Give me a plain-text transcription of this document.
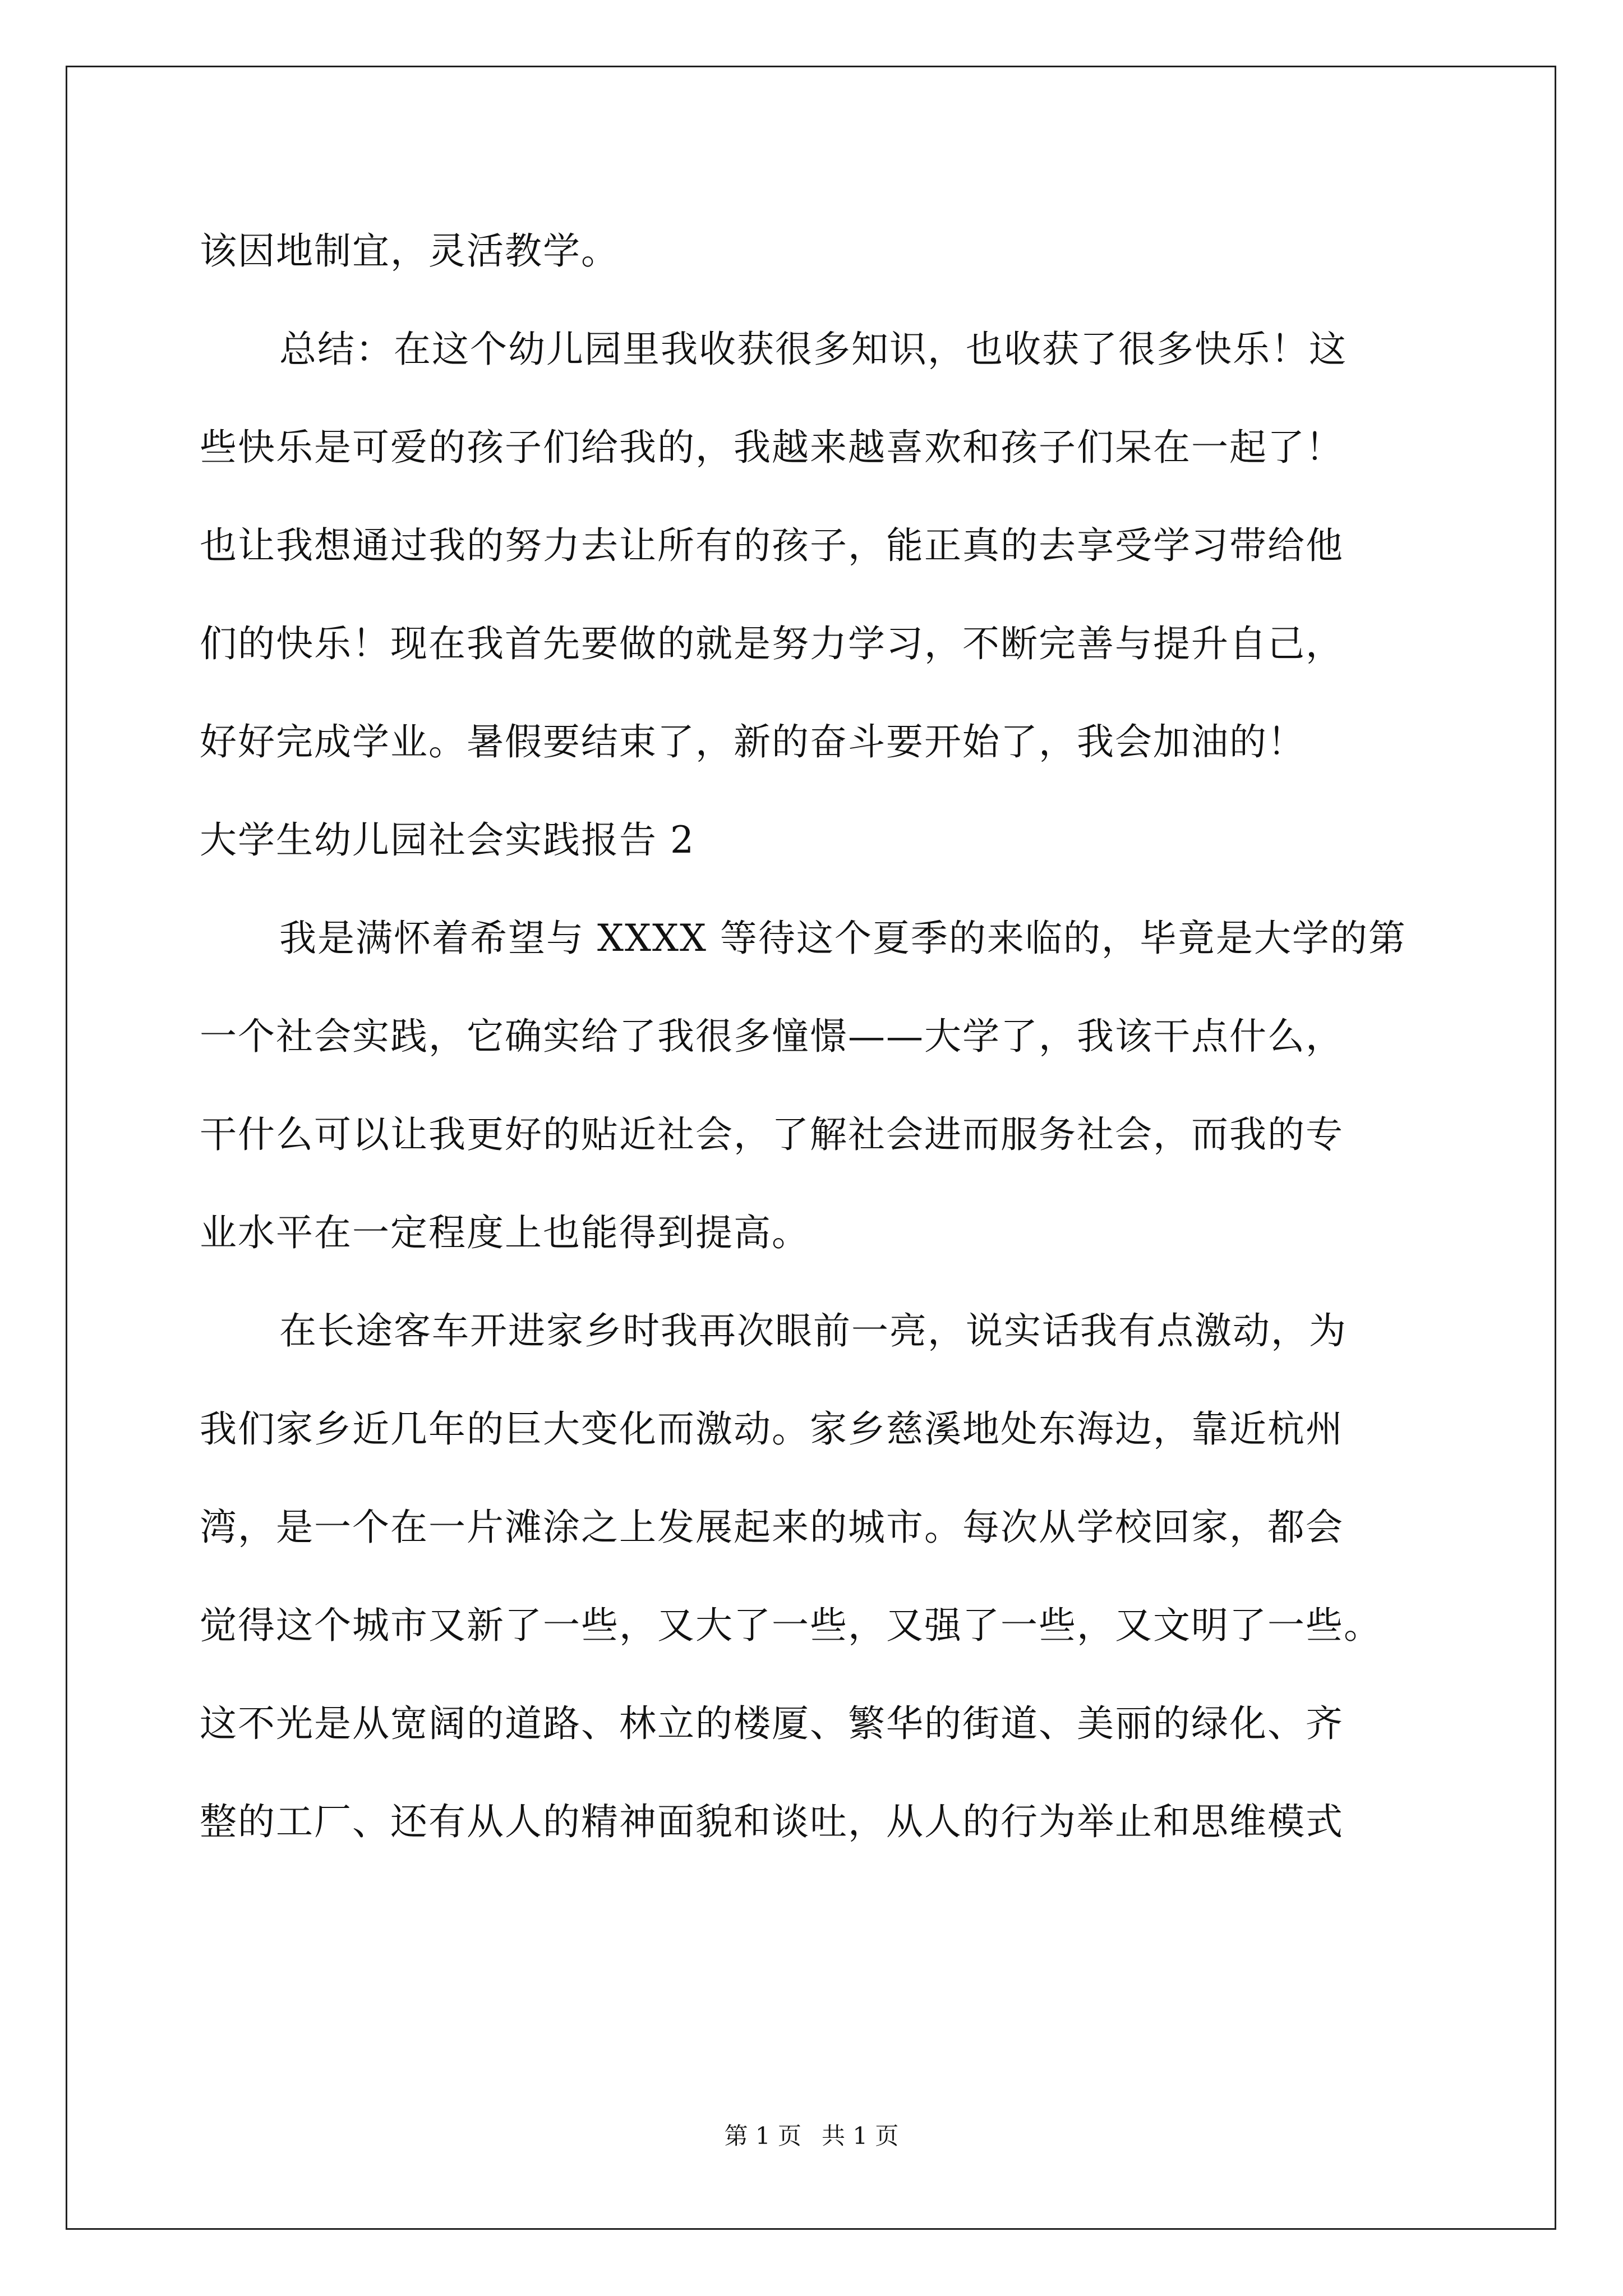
该因地制宜，灵活教学。
总结：在这个幼儿园里我收获很多知识，也收获了很多快乐！这
些快乐是可爱的孩子们给我的，我越来越喜欢和孩子们呆在一起了！
也让我想通过我的努力去让所有的孩子，能正真的去享受学习带给他
们的快乐！现在我首先要做的就是努力学习，不断完善与提升自己，
好好完成学业。暑假要结束了，新的奋斗要开始了，我会加油的！
大学生幼儿园社会实践报告 2
我是满怀着希望与 XXXX 等待这个夏季的来临的，毕竟是大学的第
一个社会实践，它确实给了我很多憧憬——大学了，我该干点什么，
干什么可以让我更好的贴近社会，了解社会进而服务社会，而我的专
业水平在一定程度上也能得到提高。
在长途客车开进家乡时我再次眼前一亮，说实话我有点激动，为
我们家乡近几年的巨大变化而激动。家乡慈溪地处东海边，靠近杭州
湾，是一个在一片滩涂之上发展起来的城市。每次从学校回家，都会
觉得这个城市又新了一些，又大了一些，又强了一些，又文明了一些。
这不光是从宽阔的道路、林立的楼厦、繁华的街道、美丽的绿化、齐
整的工厂、还有从人的精神面貌和谈吐，从人的行为举止和思维模式
第 1 页 共 1 页
